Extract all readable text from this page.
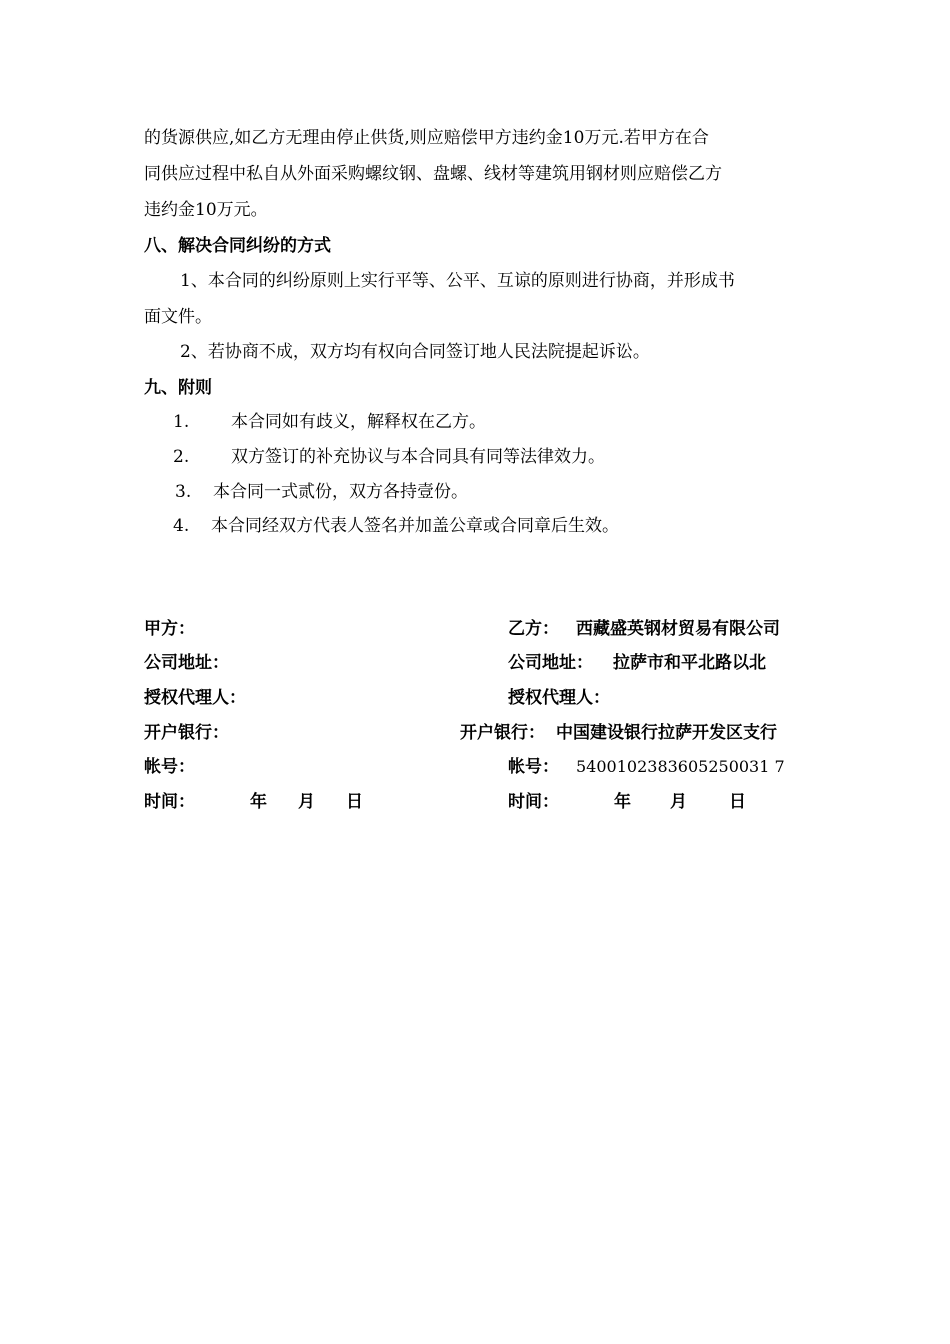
的货源供应,如乙方无理由停止供货,则应赔偿甲方违约金10万元.若甲方在合
同供应过程中私自从外面采购螺纹钢、盘螺、线材等建筑用钢材则应赔偿乙方
违约金10万元。
八、解决合同纠纷的方式
1、本合同的纠纷原则上实行平等、公平、互谅的原则进行协商，并形成书
面文件。
2、若协商不成，双方均有权向合同签订地人民法院提起诉讼。
九、附则
1. 本合同如有歧义，解释权在乙方。
2. 双方签订的补充协议与本合同具有同等法律效力。
3. 本合同一式贰份，双方各持壹份。
4. 本合同经双方代表人签名并加盖公章或合同章后生效。
甲方：
公司地址：
授权代理人：
开户银行：
帐号：
时间：	年 月 日
乙方： 西藏盛英钢材贸易有限公司
公司地址： 拉萨市和平北路以北
授权代理人：
开户银行： 中国建设银行拉萨开发区支行
帐号： 5400102383605250031 7
时间：	年 月 日
